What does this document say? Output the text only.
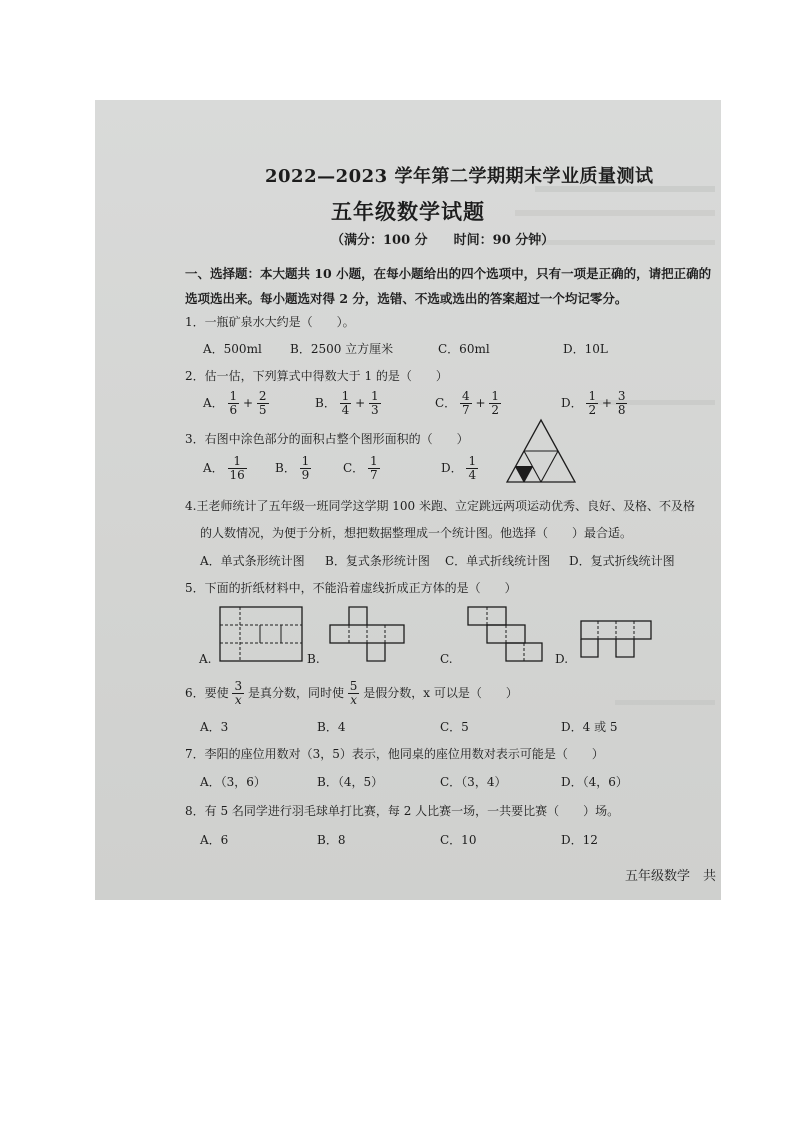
2022—2023 学年第二学期期末学业质量测试
五年级数学试题
（满分：100 分　　时间：90 分钟）
一、选择题：本大题共 10 小题，在每小题给出的四个选项中，只有一项是正确的，请把正确的
选项选出来。每小题选对得 2 分，选错、不选或选出的答案超过一个均记零分。
1．一瓶矿泉水大约是（　　）。
A．500ml B．2500 立方厘米	C．60ml	D．10L
2．估一估，下列算式中得数大于 1 的是（　　）
A． $\frac{1}{6} + \frac{2}{5}$	B． $\frac{1}{4} + \frac{1}{3}$	C． $\frac{4}{7} + \frac{1}{2}$	D． $\frac{1}{2} + \frac{3}{8}$
3．右图中涂色部分的面积占整个图形面积的（　　）
A． $\frac{1}{16}$ B． $\frac{1}{9}$	C． $\frac{1}{7}$	D． $\frac{1}{4}$
4.王老师统计了五年级一班同学这学期 100 米跑、立定跳远两项运动优秀、良好、及格、不及格
的人数情况，为便于分析，想把数据整理成一个统计图。他选择（　　）最合适。
A．单式条形统计图 B．复式条形统计图 C．单式折线统计图 D．复式折线统计图
5．下面的折纸材料中，不能沿着虚线折成正方体的是（　　）
A.	B.	C.	D.
6．要使 $\frac{3}{x}$ 是真分数，同时使 $\frac{5}{x}$ 是假分数，x 可以是（　　）
A．3	B．4	C．5	D．4 或 5
7．李阳的座位用数对（3，5）表示，他同桌的座位用数对表示可能是（　　）
A．（3，6）	B．（4，5）	C．（3，4）	D．（4，6）
8．有 5 名同学进行羽毛球单打比赛，每 2 人比赛一场，一共要比赛（　　）场。
A．6	B．8	C．10	D．12
五年级数学　共
